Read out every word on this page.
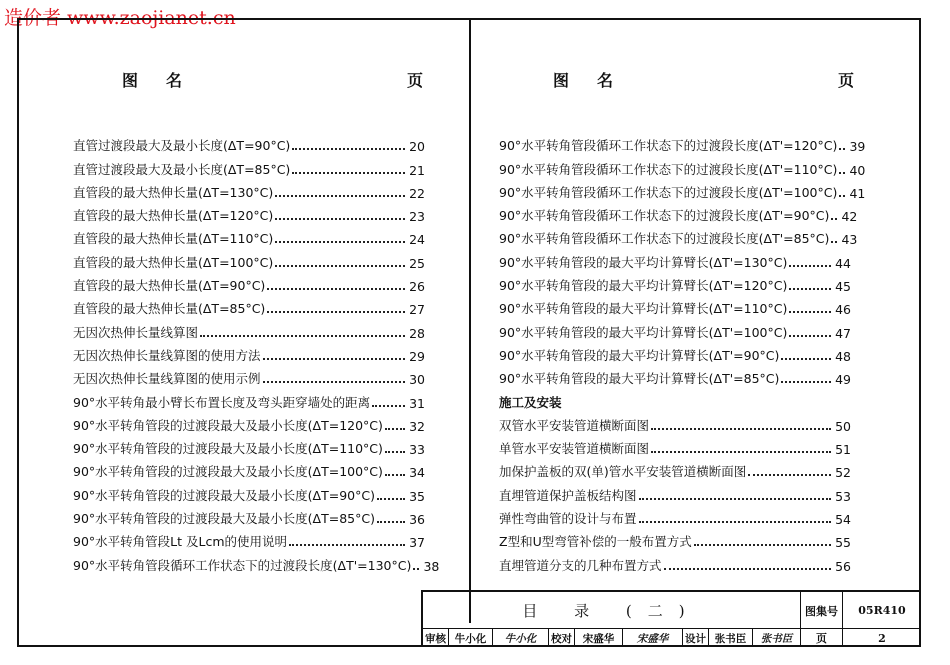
造价者 www.zaojianet.cn
图名	页	图名	页
直管过渡段最大及最小长度(ΔT=90°C)	20
直管过渡段最大及最小长度(ΔT=85°C)	21
直管段的最大热伸长量(ΔT=130°C)	22
直管段的最大热伸长量(ΔT=120°C)	23
直管段的最大热伸长量(ΔT=110°C)	24
直管段的最大热伸长量(ΔT=100°C)	25
直管段的最大热伸长量(ΔT=90°C)	26
直管段的最大热伸长量(ΔT=85°C)	27
无因次热伸长量线算图	28
无因次热伸长量线算图的使用方法	29
无因次热伸长量线算图的使用示例	30
90°水平转角最小臂长布置长度及弯头距穿墙处的距离	31
90°水平转角管段的过渡段最大及最小长度(ΔT=120°C) 32
90°水平转角管段的过渡段最大及最小长度(ΔT=110°C) 33
90°水平转角管段的过渡段最大及最小长度(ΔT=100°C) 34
90°水平转角管段的过渡段最大及最小长度(ΔT=90°C)	35
90°水平转角管段的过渡段最大及最小长度(ΔT=85°C)	36
90°水平转角管段Lt 及Lcm的使用说明	37
90°水平转角管段循环工作状态下的过渡段长度(ΔT'=130°C) 38
90°水平转角管段循环工作状态下的过渡段长度(ΔT'=120°C) 39
90°水平转角管段循环工作状态下的过渡段长度(ΔT'=110°C) 40
90°水平转角管段循环工作状态下的过渡段长度(ΔT'=100°C) 41
90°水平转角管段循环工作状态下的过渡段长度(ΔT'=90°C) 42
90°水平转角管段循环工作状态下的过渡段长度(ΔT'=85°C) 43
90°水平转角管段的最大平均计算臂长(ΔT'=130°C)	44
90°水平转角管段的最大平均计算臂长(ΔT'=120°C)	45
90°水平转角管段的最大平均计算臂长(ΔT'=110°C)	46
90°水平转角管段的最大平均计算臂长(ΔT'=100°C)	47
90°水平转角管段的最大平均计算臂长(ΔT'=90°C)	48
90°水平转角管段的最大平均计算臂长(ΔT'=85°C)	49
施工及安装
双管水平安装管道横断面图	50
单管水平安装管道横断面图	51
加保护盖板的双(单)管水平安装管道横断面图	52
直埋管道保护盖板结构图	53
弹性弯曲管的设计与布置	54
Z型和U型弯管补偿的一般布置方式	55
直埋管道分支的几种布置方式	56
目 录 (二)	图集号	05R410
页	2
审核 牛小化	牛小化	校对	宋盛华	宋盛华	设计 张书臣	张书臣
